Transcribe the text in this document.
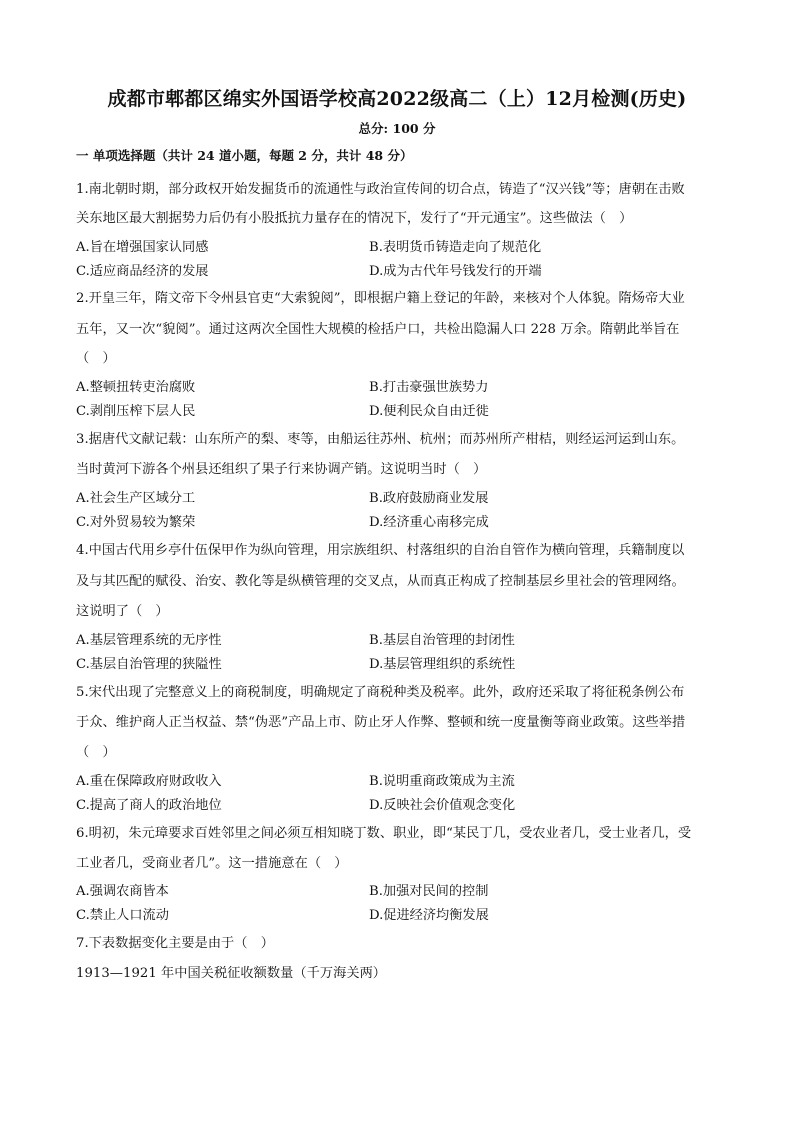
成都市郫都区绵实外国语学校高2022级高二（上）12月检测(历史)
总分: 100 分
一 单项选择题（共计 24 道小题，每题 2 分，共计 48 分）
1.南北朝时期，部分政权开始发掘货币的流通性与政治宣传间的切合点，铸造了“汉兴钱”等；唐朝在击败
关东地区最大割据势力后仍有小股抵抗力量存在的情况下，发行了“开元通宝”。这些做法（　）
A.旨在增强国家认同感	B.表明货币铸造走向了规范化
C.适应商品经济的发展	D.成为古代年号钱发行的开端
2.开皇三年，隋文帝下令州县官吏“大索貌阅”，即根据户籍上登记的年龄，来核对个人体貌。隋炀帝大业
五年，又一次“貌阅”。通过这两次全国性大规模的检括户口，共检出隐漏人口 228 万余。隋朝此举旨在
（　）
A.整顿扭转吏治腐败	B.打击豪强世族势力
C.剥削压榨下层人民	D.便利民众自由迁徙
3.据唐代文献记载：山东所产的梨、枣等，由船运往苏州、杭州；而苏州所产柑桔，则经运河运到山东。
当时黄河下游各个州县还组织了果子行来协调产销。这说明当时（　）
A.社会生产区域分工	B.政府鼓励商业发展
C.对外贸易较为繁荣	D.经济重心南移完成
4.中国古代用乡亭什伍保甲作为纵向管理，用宗族组织、村落组织的自治自管作为横向管理，兵籍制度以
及与其匹配的赋役、治安、教化等是纵横管理的交叉点，从而真正构成了控制基层乡里社会的管理网络。
这说明了（　）
A.基层管理系统的无序性	B.基层自治管理的封闭性
C.基层自治管理的狭隘性	D.基层管理组织的系统性
5.宋代出现了完整意义上的商税制度，明确规定了商税种类及税率。此外，政府还采取了将征税条例公布
于众、维护商人正当权益、禁“伪恶”产品上市、防止牙人作弊、整顿和统一度量衡等商业政策。这些举措
（　）
A.重在保障政府财政收入	B.说明重商政策成为主流
C.提高了商人的政治地位	D.反映社会价值观念变化
6.明初，朱元璋要求百姓邻里之间必须互相知晓丁数、职业，即“某民丁几，受农业者几，受士业者几，受
工业者几，受商业者几”。这一措施意在（　）
A.强调农商皆本	B.加强对民间的控制
C.禁止人口流动	D.促进经济均衡发展
7.下表数据变化主要是由于（　）
1913—1921 年中国关税征收额数量（千万海关两）
